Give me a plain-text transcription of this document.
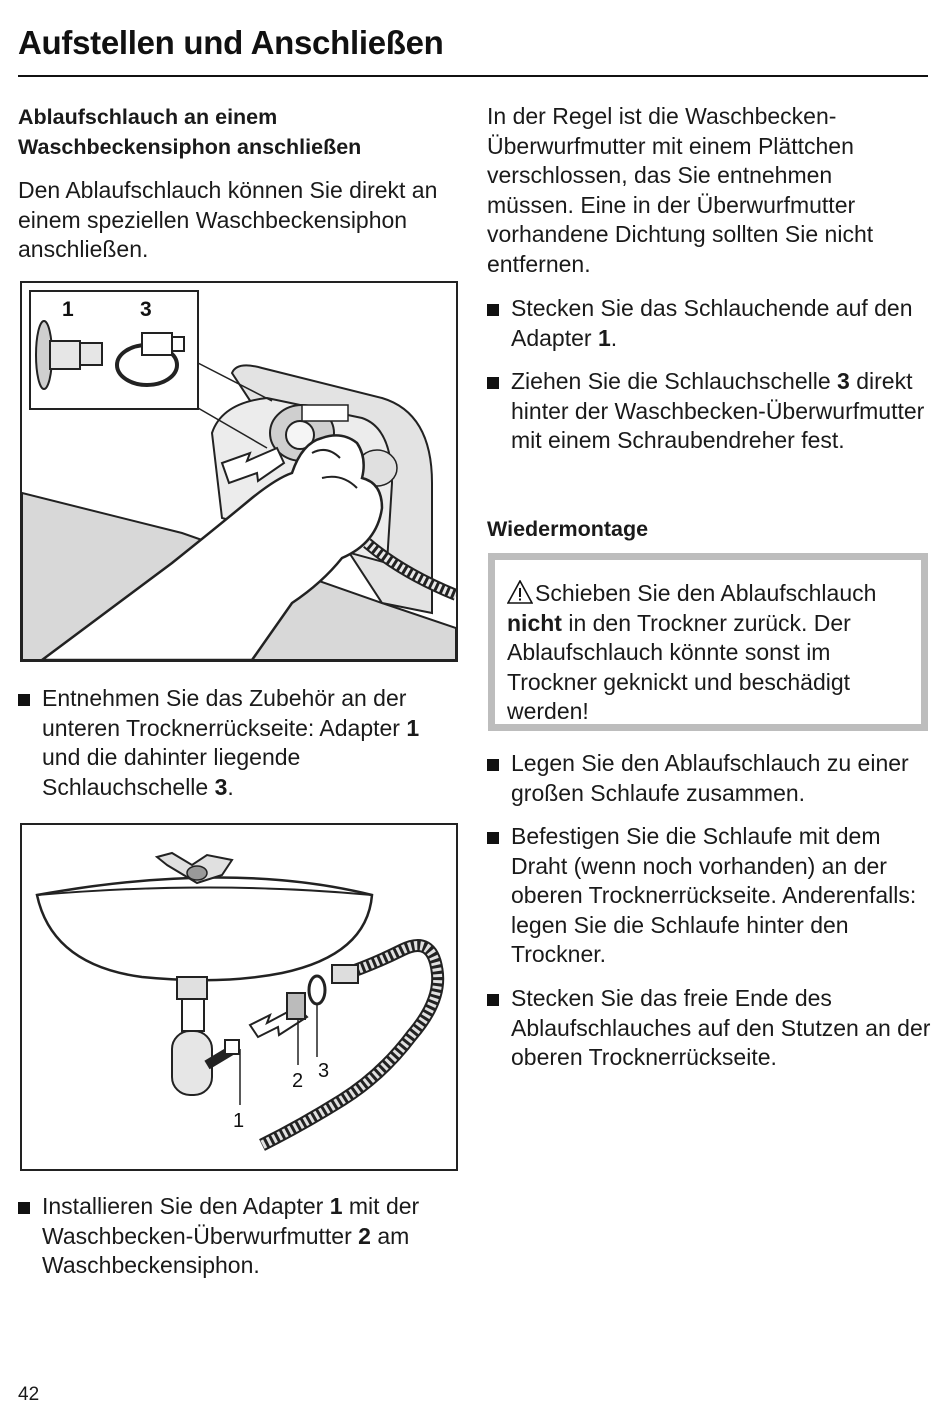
Aufstellen und Anschließen
Ablaufschlauch an einem Waschbeckensiphon anschließen
Den Ablaufschlauch können Sie direkt an einem speziellen Waschbeckensiphon anschließen.
1	3
Entnehmen Sie das Zubehör an der unteren Trocknerrückseite: Adapter 1 und die dahinter liegende Schlauchschelle 3.
1
2 3
Installieren Sie den Adapter 1 mit der Waschbecken-Überwurfmutter 2 am Waschbeckensiphon.
In der Regel ist die Waschbecken-Überwurfmutter mit einem Plättchen verschlossen, das Sie entnehmen müssen. Eine in der Überwurfmutter vorhandene Dichtung sollten Sie nicht entfernen.
Stecken Sie das Schlauchende auf den Adapter 1.
Ziehen Sie die Schlauchschelle 3 direkt hinter der Waschbecken-Überwurfmutter mit einem Schraubendreher fest.
Wiedermontage
Schieben Sie den Ablaufschlauch nicht in den Trockner zurück. Der Ablaufschlauch könnte sonst im Trockner geknickt und beschädigt werden!
Legen Sie den Ablaufschlauch zu einer großen Schlaufe zusammen.
Befestigen Sie die Schlaufe mit dem Draht (wenn noch vorhanden) an der oberen Trocknerrückseite. Anderenfalls: legen Sie die Schlaufe hinter den Trockner.
Stecken Sie das freie Ende des Ablaufschlauches auf den Stutzen an der oberen Trocknerrückseite.
42
